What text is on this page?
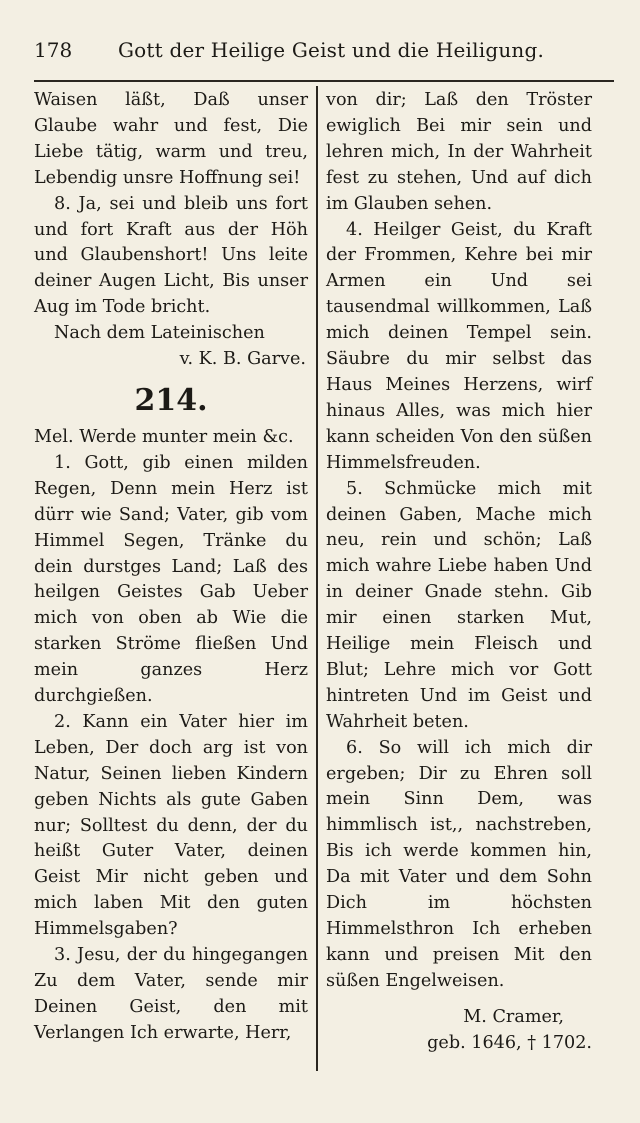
178 Gott der Heilige Geist und die Heiligung.

Waisen läßt, Daß unser Glaube wahr und fest, Die Liebe tätig, warm und treu, Lebendig unsre Hoffnung sei!

8. Ja, sei und bleib uns fort und fort Kraft aus der Höh und Glaubenshort! Uns leite deiner Augen Licht, Bis unser Aug im Tode bricht.

Nach dem Lateinischen

v. K. B. Garve.

214.

Mel. Werde munter mein &c.

1. Gott, gib einen milden Regen, Denn mein Herz ist dürr wie Sand; Vater, gib vom Himmel Segen, Tränke du dein durstges Land; Laß des heilgen Geistes Gab Ueber mich von oben ab Wie die starken Ströme fließen Und mein ganzes Herz durchgießen.

2. Kann ein Vater hier im Leben, Der doch arg ist von Natur, Seinen lieben Kindern geben Nichts als gute Gaben nur; Solltest du denn, der du heißt Guter Vater, deinen Geist Mir nicht geben und mich laben Mit den guten Himmelsgaben?

3. Jesu, der du hingegangen Zu dem Vater, sende mir Deinen Geist, den mit Verlangen Ich erwarte, Herr,

von dir; Laß den Tröster ewiglich Bei mir sein und lehren mich, In der Wahrheit fest zu stehen, Und auf dich im Glauben sehen.

4. Heilger Geist, du Kraft der Frommen, Kehre bei mir Armen ein Und sei tausendmal willkommen, Laß mich deinen Tempel sein. Säubre du mir selbst das Haus Meines Herzens, wirf hinaus Alles, was mich hier kann scheiden Von den süßen Himmelsfreuden.

5. Schmücke mich mit deinen Gaben, Mache mich neu, rein und schön; Laß mich wahre Liebe haben Und in deiner Gnade stehn. Gib mir einen starken Mut, Heilige mein Fleisch und Blut; Lehre mich vor Gott hintreten Und im Geist und Wahrheit beten.

6. So will ich mich dir ergeben; Dir zu Ehren soll mein Sinn Dem, was himmlisch ist,, nachstreben, Bis ich werde kommen hin, Da mit Vater und dem Sohn Dich im höchsten Himmelsthron Ich erheben kann und preisen Mit den süßen Engelweisen.

M. Cramer,

geb. 1646, † 1702.
